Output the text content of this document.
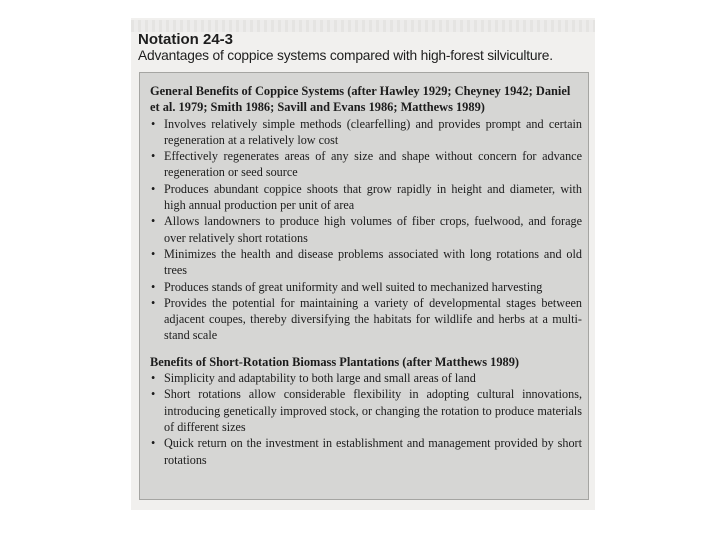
Notation 24-3
Advantages of coppice systems compared with high-forest silviculture.
General Benefits of Coppice Systems (after Hawley 1929; Cheyney 1942; Daniel et al. 1979; Smith 1986; Savill and Evans 1986; Matthews 1989)
• Involves relatively simple methods (clearfelling) and provides prompt and certain regeneration at a relatively low cost
• Effectively regenerates areas of any size and shape without concern for advance regeneration or seed source
• Produces abundant coppice shoots that grow rapidly in height and diameter, with high annual production per unit of area
• Allows landowners to produce high volumes of fiber crops, fuelwood, and forage over relatively short rotations
• Minimizes the health and disease problems associated with long rotations and old trees
• Produces stands of great uniformity and well suited to mechanized harvesting
• Provides the potential for maintaining a variety of developmental stages between adjacent coupes, thereby diversifying the habitats for wildlife and herbs at a multi-stand scale
Benefits of Short-Rotation Biomass Plantations (after Matthews 1989)
• Simplicity and adaptability to both large and small areas of land
• Short rotations allow considerable flexibility in adopting cultural innovations, introducing genetically improved stock, or changing the rotation to produce materials of different sizes
• Quick return on the investment in establishment and management provided by short rotations
